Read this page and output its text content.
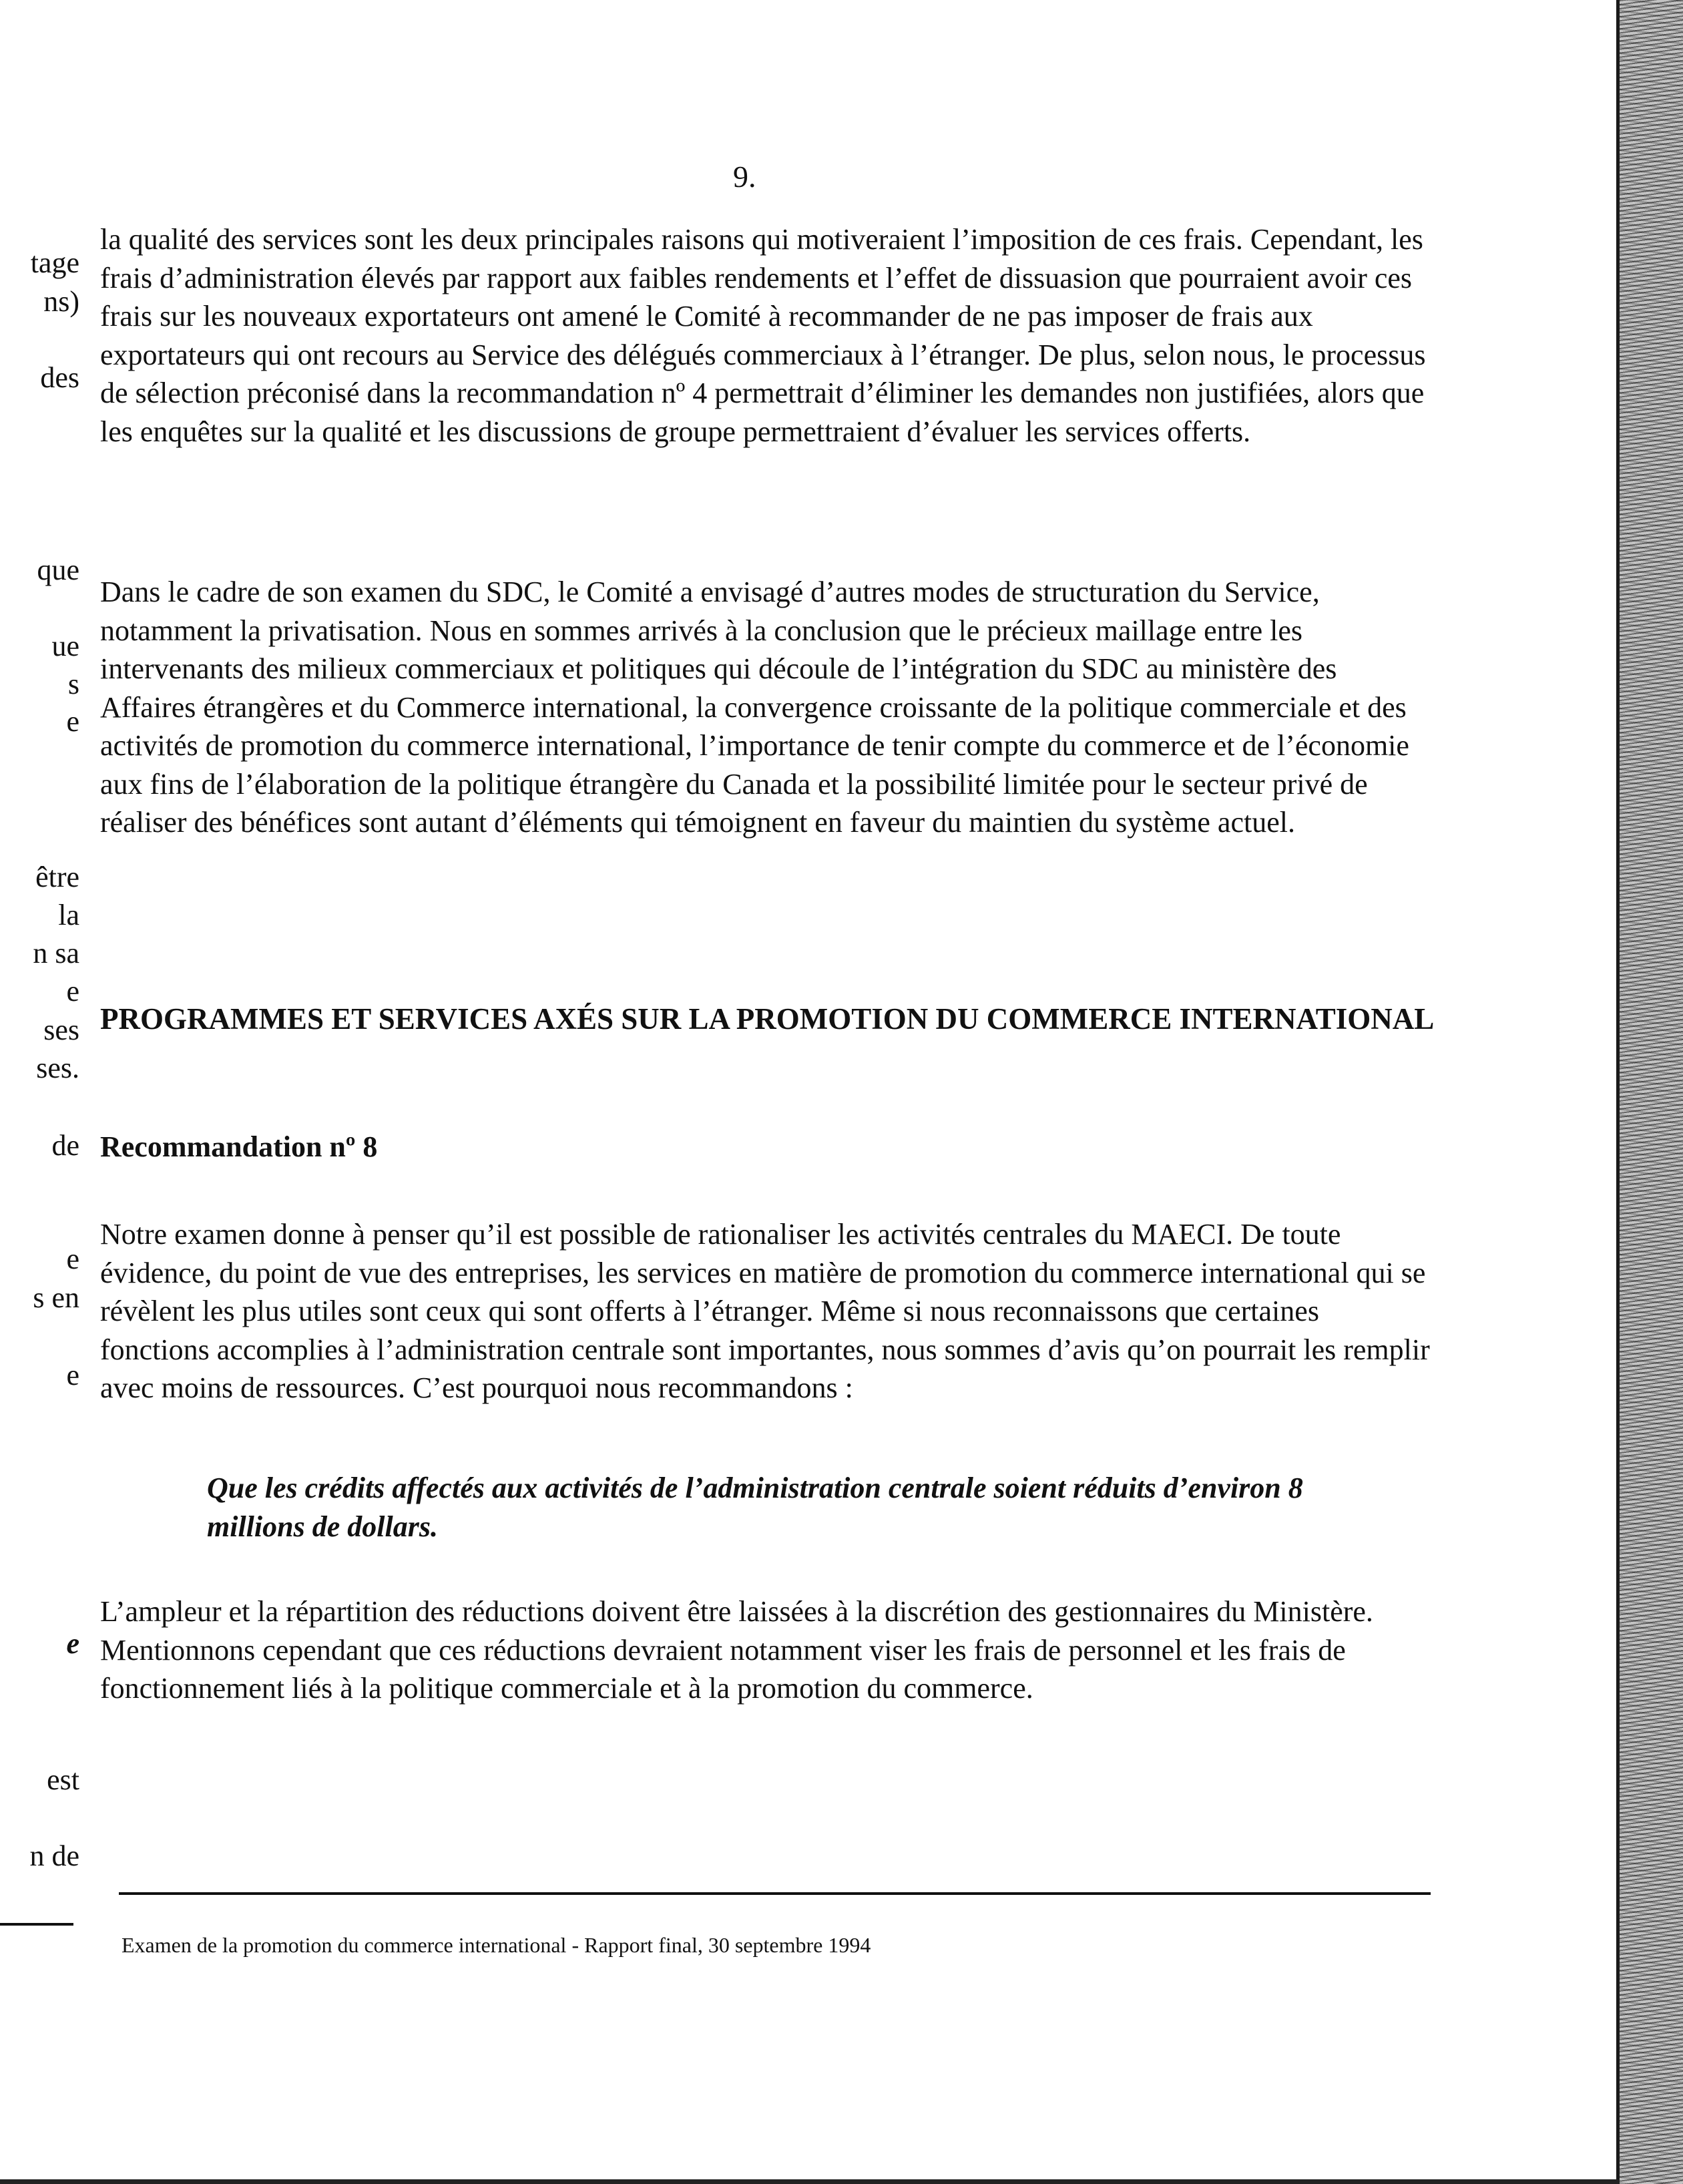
9.
tage
ns)
des
que
ue
s
e
être
la
n sa
e
ses
ses.
de
e
s en
e
e
est
n de

la qualité des services sont les deux principales raisons qui motiveraient l’imposition de ces frais. Cependant, les frais d’administration élevés par rapport aux faibles rendements et l’effet de dissuasion que pourraient avoir ces frais sur les nouveaux exportateurs ont amené le Comité à recommander de ne pas imposer de frais aux exportateurs qui ont recours au Service des délégués commerciaux à l’étranger. De plus, selon nous, le processus de sélection préconisé dans la recommandation nº 4 permettrait d’éliminer les demandes non justifiées, alors que les enquêtes sur la qualité et les discussions de groupe permettraient d’évaluer les services offerts.

Dans le cadre de son examen du SDC, le Comité a envisagé d’autres modes de structuration du Service, notamment la privatisation. Nous en sommes arrivés à la conclusion que le précieux maillage entre les intervenants des milieux commerciaux et politiques qui découle de l’intégration du SDC au ministère des Affaires étrangères et du Commerce international, la convergence croissante de la politique commerciale et des activités de promotion du commerce international, l’importance de tenir compte du commerce et de l’économie aux fins de l’élaboration de la politique étrangère du Canada et la possibilité limitée pour le secteur privé de réaliser des bénéfices sont autant d’éléments qui témoignent en faveur du maintien du système actuel.

PROGRAMMES ET SERVICES AXÉS SUR LA PROMOTION DU COMMERCE INTERNATIONAL
Recommandation nº 8

Notre examen donne à penser qu’il est possible de rationaliser les activités centrales du MAECI. De toute évidence, du point de vue des entreprises, les services en matière de promotion du commerce international qui se révèlent les plus utiles sont ceux qui sont offerts à l’étranger. Même si nous reconnaissons que certaines fonctions accomplies à l’administration centrale sont importantes, nous sommes d’avis qu’on pourrait les remplir avec moins de ressources. C’est pourquoi nous recommandons :

Que les crédits affectés aux activités de l’administration centrale soient réduits d’environ 8 millions de dollars.

L’ampleur et la répartition des réductions doivent être laissées à la discrétion des gestionnaires du Ministère. Mentionnons cependant que ces réductions devraient notamment viser les frais de personnel et les frais de fonctionnement liés à la politique commerciale et à la promotion du commerce.

Examen de la promotion du commerce international - Rapport final, 30 septembre 1994
